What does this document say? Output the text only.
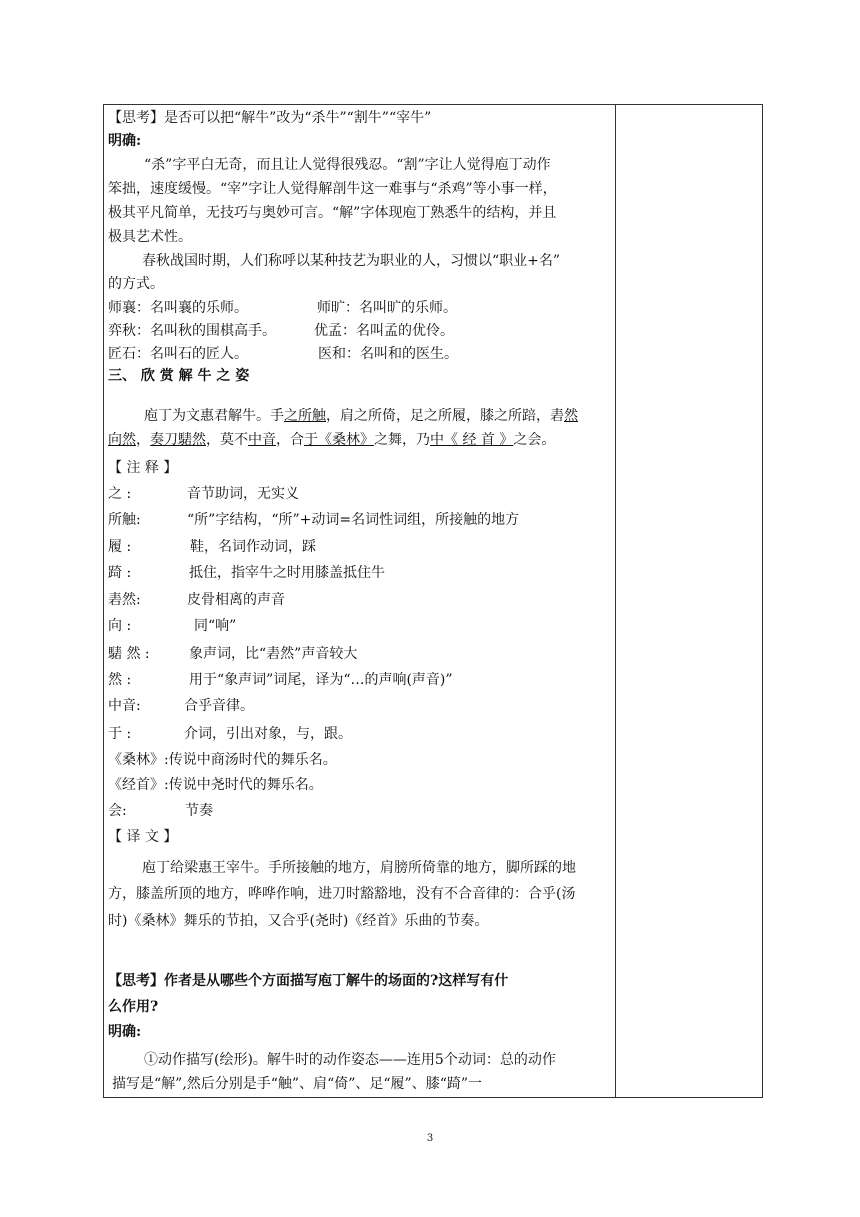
【思考】是否可以把“解牛”改为“杀牛”“割牛”“宰牛”
明确:
“杀”字平白无奇，而且让人觉得很残忍。“割”字让人觉得庖丁动作
笨拙，速度缓慢。“宰”字让人觉得解剖牛这一难事与“杀鸡”等小事一样，
极其平凡简单，无技巧与奥妙可言。“解”字体现庖丁熟悉牛的结构，并且
极具艺术性。
春秋战国时期，人们称呼以某种技艺为职业的人，习惯以“职业+名”
的方式。
师襄：名叫襄的乐师。	师旷：名叫旷的乐师。
弈秋：名叫秋的围棋高手。	优孟：名叫孟的优伶。
匠石：名叫石的匠人。	医和：名叫和的医生。
三、 欣 赏 解 牛 之 姿
庖丁为文惠君解牛。手之所触，肩之所倚，足之所履，膝之所踣，砉然
向然，奏刀騞然，莫不中音，合于《桑林》之舞，乃中《 经 首 》之会。
【 注 释 】
之 :	音节助词，无实义
所触:	“所”字结构，“所”+动词=名词性词组，所接触的地方
履 :	鞋，名词作动词，踩
踦 :	抵住，指宰牛之时用膝盖抵住牛
砉然:	皮骨相离的声音
向 :	同“响”
騞 然 :	象声词，比“砉然”声音较大
然 :	用于“象声词”词尾，译为“…的声响(声音)”
中音:	合乎音律。
于 :	介词，引出对象，与，跟。
《桑林》:传说中商汤时代的舞乐名。
《经首》:传说中尧时代的舞乐名。
会:	节奏
【 译 文 】
庖丁给梁惠王宰牛。手所接触的地方，肩膀所倚靠的地方，脚所踩的地
方，膝盖所顶的地方，哗哗作响，进刀时豁豁地，没有不合音律的：合乎(汤
时)《桑林》舞乐的节拍，又合乎(尧时)《经首》乐曲的节奏。
【思考】作者是从哪些个方面描写庖丁解牛的场面的?这样写有什
么作用?
明确:
①动作描写(绘形)。解牛时的动作姿态——连用5个动词：总的动作
描写是“解”,然后分别是手“触”、肩“倚”、足“履”、膝“踦”一
3
